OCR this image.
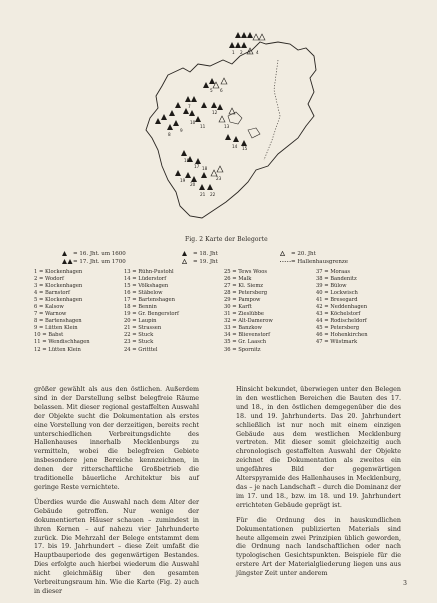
1 2 3 4
5 6
7
8
9
10
11
12
13
14 15
16
17 18
19
20
21 22
23
Fig. 2 Karte der Belegorte
= 16. Jht. um 1600
= 17. Jht. um 1700
= 18. Jht
= 19. Jht
= 20. Jht
= Hallenhausgrenze
1 = Klockenhagen
2 = Wodorf
3 = Klockenhagen
4 = Barnstorf
5 = Klockenhagen
6 = Kalsow
7 = Warnow
8 = Bartenshagen
9 = Lütten Klein
10 = Babst
11 = Wendischhagen
12 = Lütten Klein
13 = Rühn-Pustohl
14 = Lüderstorf
15 = Völkshagen
16 = Stäbelow
17 = Bartenshagen
18 = Bennin
19 = Gr. Bengerstorf
20 = Laupin
21 = Strassen
22 = Stuck
23 = Stuck
24 = Gritttel
25 = Tews Woos
26 = Malk
27 = Kl. Siemz
28 = Petersberg
29 = Pampow
30 = Karft
31 = Zieslübbe
32 = Alt-Damerow
33 = Banzkow
34 = Blievenstorf
35 = Gr. Laasch
36 = Spornitz
37 = Moraas
38 = Bandenitz
39 = Bülow
40 = Lockwisch
41 = Bresegard
42 = Neddenhagen
43 = Köchelstorf
44 = Rodischeldorf
45 = Petersberg
46 = Hohenkirchen
47 = Wüstmark

größer gewählt als aus den östlichen. Außerdem sind in der Darstellung selbst belegfreie Räume belassen. Mit dieser regional gestaffelten Auswahl der Objekte sucht die Dokumentation als erstes eine Vorstellung von der derzeitigen, bereits recht unterschiedlichen Verbreitungsdichte des Hallenhauses innerhalb Mecklenburgs zu vermitteln, wobei die belegfreien Gebiete insbesondere jene Bereiche kennzeichnen, in denen der ritterschaftliche Großbetrieb die traditionelle bäuerliche Architektur bis auf geringe Reste vernichtete.

Überdies wurde die Auswahl nach dem Alter der Gebäude getroffen. Nur wenige der dokumentierten Häuser schauen – zumindest in ihren Kernen – auf nahezu vier Jahrhunderte zurück. Die Mehrzahl der Belege entstammt dem 17. bis 19. Jahrhundert – diese Zeit umfaßt die Hauptbauperiode des gegenwärtigen Bestandes. Dies erfolgte auch hierbei wiederum die Auswahl nicht gleichmäßig über den gesamten Verbreitungsraum hin. Wie die Karte (Fig. 2) auch in dieser

Hinsicht bekundet, überwiegen unter den Belegen in den westlichen Bereichen die Bauten des 17. und 18., in den östlichen demgegenüber die des 18. und 19. Jahrhunderts. Das 20. Jahrhundert schließlich ist nur noch mit einem einzigen Gebäude aus dem westlichen Mecklenburg vertreten. Mit dieser somit gleichzeitig auch chronologisch gestaffelten Auswahl der Objekte zeichnet die Dokumentation als zweites ein ungefähres Bild der gegenwärtigen Alterspyramide des Hallenhauses in Mecklenburg, das – je nach Landschaft – durch die Dominanz der im 17. und 18., bzw. im 18. und 19. Jahrhundert errichteten Gebäude geprägt ist.

Für die Ordnung des in hauskundlichen Dokumentationen publizierten Materials sind heute allgemein zwei Prinzipien üblich geworden, die Ordnung nach landschaftlichen oder nach typologischen Gesichtspunkten. Beispiele für die erstere Art der Materialgliederung liegen uns aus jüngster Zeit unter anderem

3
